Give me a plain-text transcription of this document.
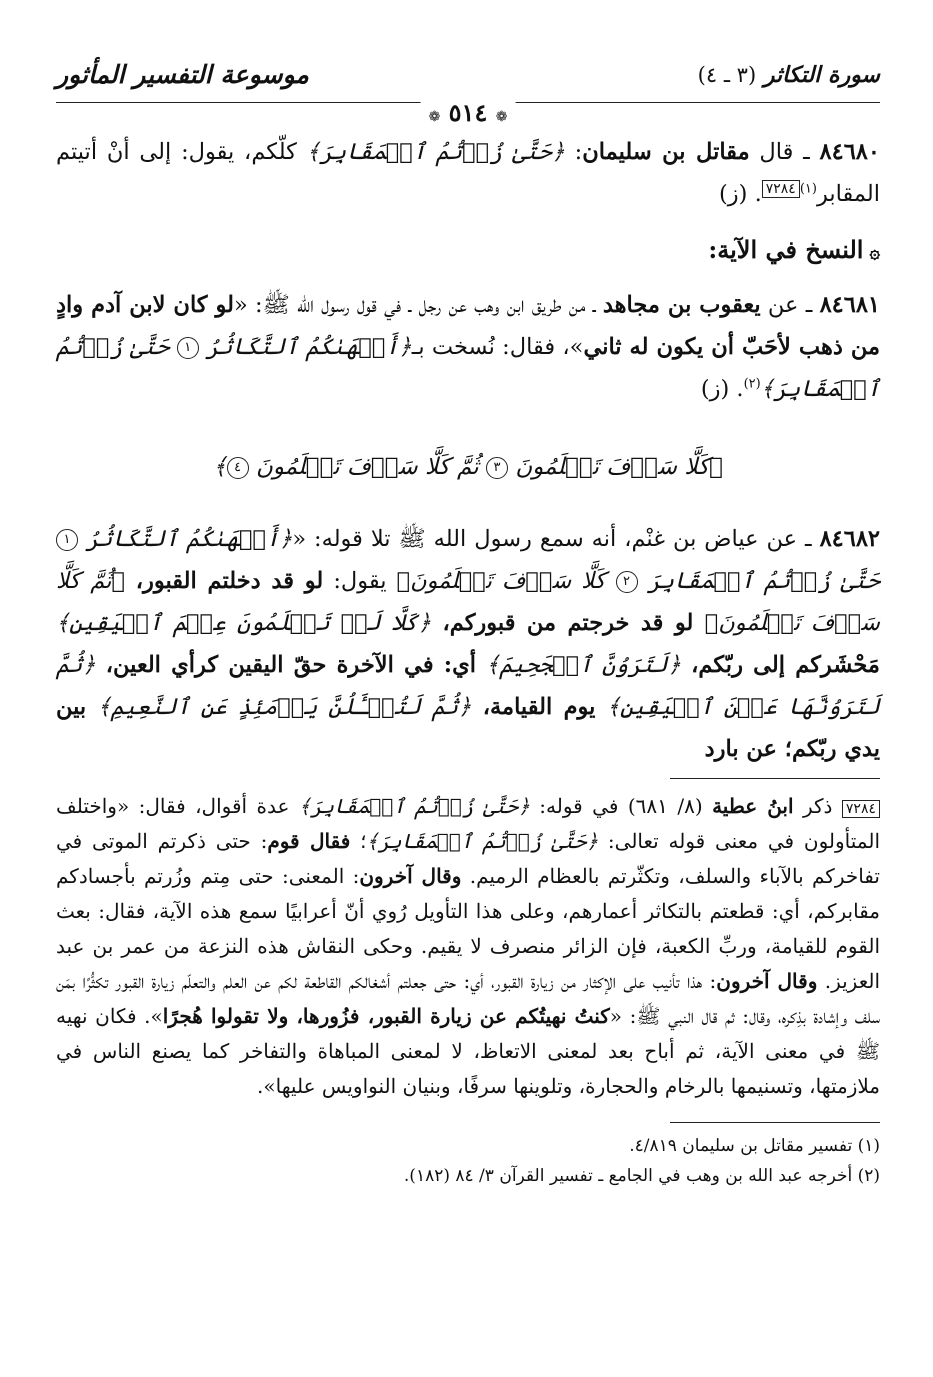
سورة التكاثر (٣ ـ ٤)
موسوعة التفسير المأثور
❁ ٥١٤ ❁

٨٤٦٨٠ ـ قال مقاتل بن سليمان: ﴿حَتَّىٰ زُرۡتُمُ ٱلۡمَقَابِرَ﴾ كلّكم، يقول: إلى أنْ أتيتم المقابر$^{(١)}$٧٢٨٤. (ز)

۞النسخ في الآية:

٨٤٦٨١ ـ عن يعقوب بن مجاهد ـ من طريق ابن وهب عن رجل ـ في قول رسول الله ﷺ: «لو كان لابن آدم وادٍ من ذهب لأحَبّ أن يكون له ثاني»، فقال: نُسخت بـ﴿أَلۡهَىٰكُمُ ٱلتَّكَاثُرُ ١ حَتَّىٰ زُرۡتُمُ ٱلۡمَقَابِرَ﴾$^{(٢)}$. (ز)

﴿كَلَّا سَوۡفَ تَعۡلَمُونَ ٣ ثُمَّ كَلَّا سَوۡفَ تَعۡلَمُونَ ٤﴾

٨٤٦٨٢ ـ عن عياض بن غنْم، أنه سمع رسول الله ﷺ تلا قوله: «﴿أَلۡهَىٰكُمُ ٱلتَّكَاثُرُ ١ حَتَّىٰ زُرۡتُمُ ٱلۡمَقَابِرَ ٢ كَلَّا سَوۡفَ تَعۡلَمُونَ﴾ يقول: لو قد دخلتم القبور، ﴿ثُمَّ كَلَّا سَوۡفَ تَعۡلَمُونَ﴾ لو قد خرجتم من قبوركم، ﴿كَلَّا لَوۡ تَعۡلَمُونَ عِلۡمَ ٱلۡيَقِينِ﴾ مَحْشَركم إلى ربّكم، ﴿لَتَرَوُنَّ ٱلۡجَحِيمَ﴾ أي: في الآخرة حقّ اليقين كرأي العين، ﴿ثُمَّ لَتَرَوُنَّهَا عَيۡنَ ٱلۡيَقِينِ﴾ يوم القيامة، ﴿ثُمَّ لَتُسۡـَٔلُنَّ يَوۡمَئِذٍ عَنِ ٱلنَّعِيمِ﴾ بين يدي ربّكم؛ عن بارد

٧٢٨٤ ذكر ابنُ عطية (٨/ ٦٨١) في قوله: ﴿حَتَّىٰ زُرۡتُمُ ٱلۡمَقَابِرَ﴾ عدة أقوال، فقال: «واختلف المتأولون في معنى قوله تعالى: ﴿حَتَّىٰ زُرۡتُمُ ٱلۡمَقَابِرَ﴾؛ فقال قوم: حتى ذكرتم الموتى في تفاخركم بالآباء والسلف، وتكثّرتم بالعظام الرميم. وقال آخرون: المعنى: حتى مِتم وزُرتم بأجسادكم مقابركم، أي: قطعتم بالتكاثر أعمارهم، وعلى هذا التأويل رُوي أنّ أعرابيًا سمع هذه الآية، فقال: بعث القوم للقيامة، وربِّ الكعبة، فإن الزائر منصرف لا يقيم. وحكى النقاش هذه النزعة من عمر بن عبد العزيز. وقال آخرون: هذا تأنيب على الإكثار من زيارة القبور، أي: حتى جعلتم أشغالكم القاطعة لكم عن العلم والتعلّم زيارة القبور تكثُّرًا بمَن سلف وإشادة بذِكره، وقال: ثم قال النبي ﷺ: «كنتُ نهيتُكم عن زيارة القبور، فزُورها، ولا تقولوا هُجرًا». فكان نهيه ﷺ في معنى الآية، ثم أباح بعد لمعنى الاتعاظ، لا لمعنى المباهاة والتفاخر كما يصنع الناس في ملازمتها، وتسنيمها بالرخام والحجارة، وتلوينها سرفًا، وبنيان النواويس عليها».
(١) تفسير مقاتل بن سليمان ٤/٨١٩.
(٢) أخرجه عبد الله بن وهب في الجامع ـ تفسير القرآن ٣/ ٨٤ (١٨٢).
